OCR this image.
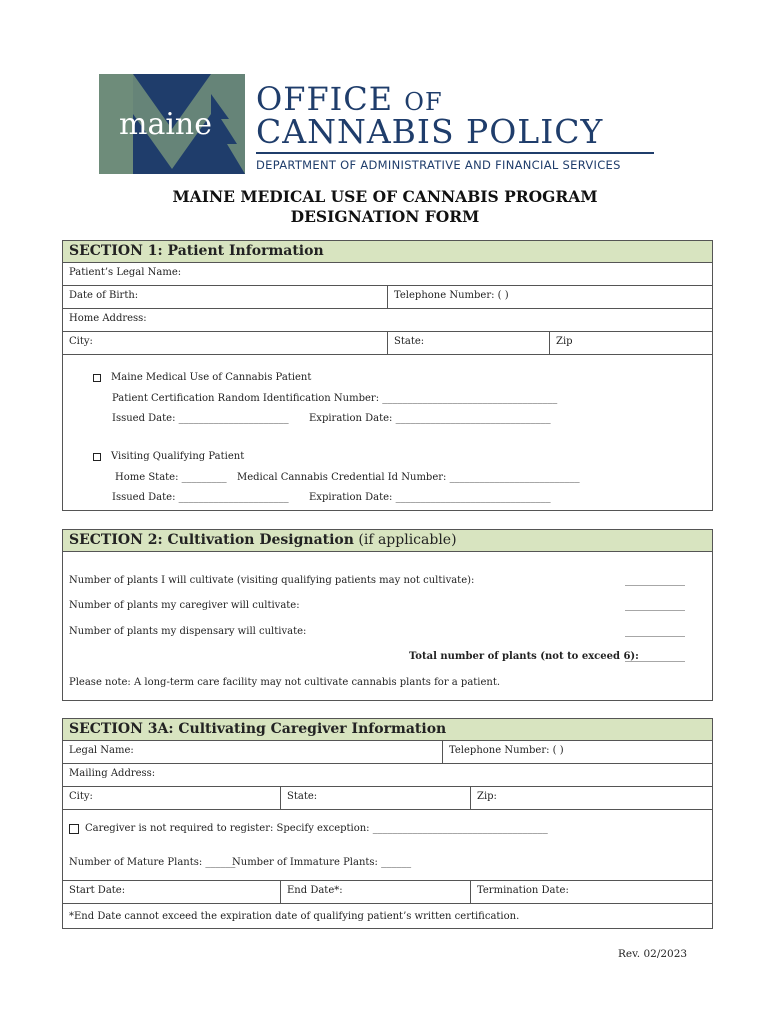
maine
OFFICE OF
CANNABIS POLICY
DEPARTMENT OF ADMINISTRATIVE AND FINANCIAL SERVICES
MAINE MEDICAL USE OF CANNABIS PROGRAM
DESIGNATION FORM
SECTION 1: Patient Information
Patient’s Legal Name:
Date of Birth:	Telephone Number: ( )
Home Address:
City:	State:	Zip
Maine Medical Use of Cannabis Patient
Patient Certification Random Identification Number: ___________________________________
Issued Date: ______________________ Expiration Date: _______________________________
Visiting Qualifying Patient
Home State: _________ Medical Cannabis Credential Id Number: __________________________
Issued Date: ______________________ Expiration Date: _______________________________
SECTION 2: Cultivation Designation (if applicable)
Number of plants I will cultivate (visiting qualifying patients may not cultivate):	____________
Number of plants my caregiver will cultivate:	____________
Number of plants my dispensary will cultivate:	____________
Total number of plants (not to exceed 6):
____________
Please note: A long-term care facility may not cultivate cannabis plants for a patient.
SECTION 3A: Cultivating Caregiver Information
Legal Name:	Telephone Number: ( )
Mailing Address:
City:	State:	Zip:
Caregiver is not required to register: Specify exception: ___________________________________
Number of Mature Plants: ______
Number of Immature Plants: ______
Start Date:	End Date*:	Termination Date:
*End Date cannot exceed the expiration date of qualifying patient’s written certification.
Rev. 02/2023
